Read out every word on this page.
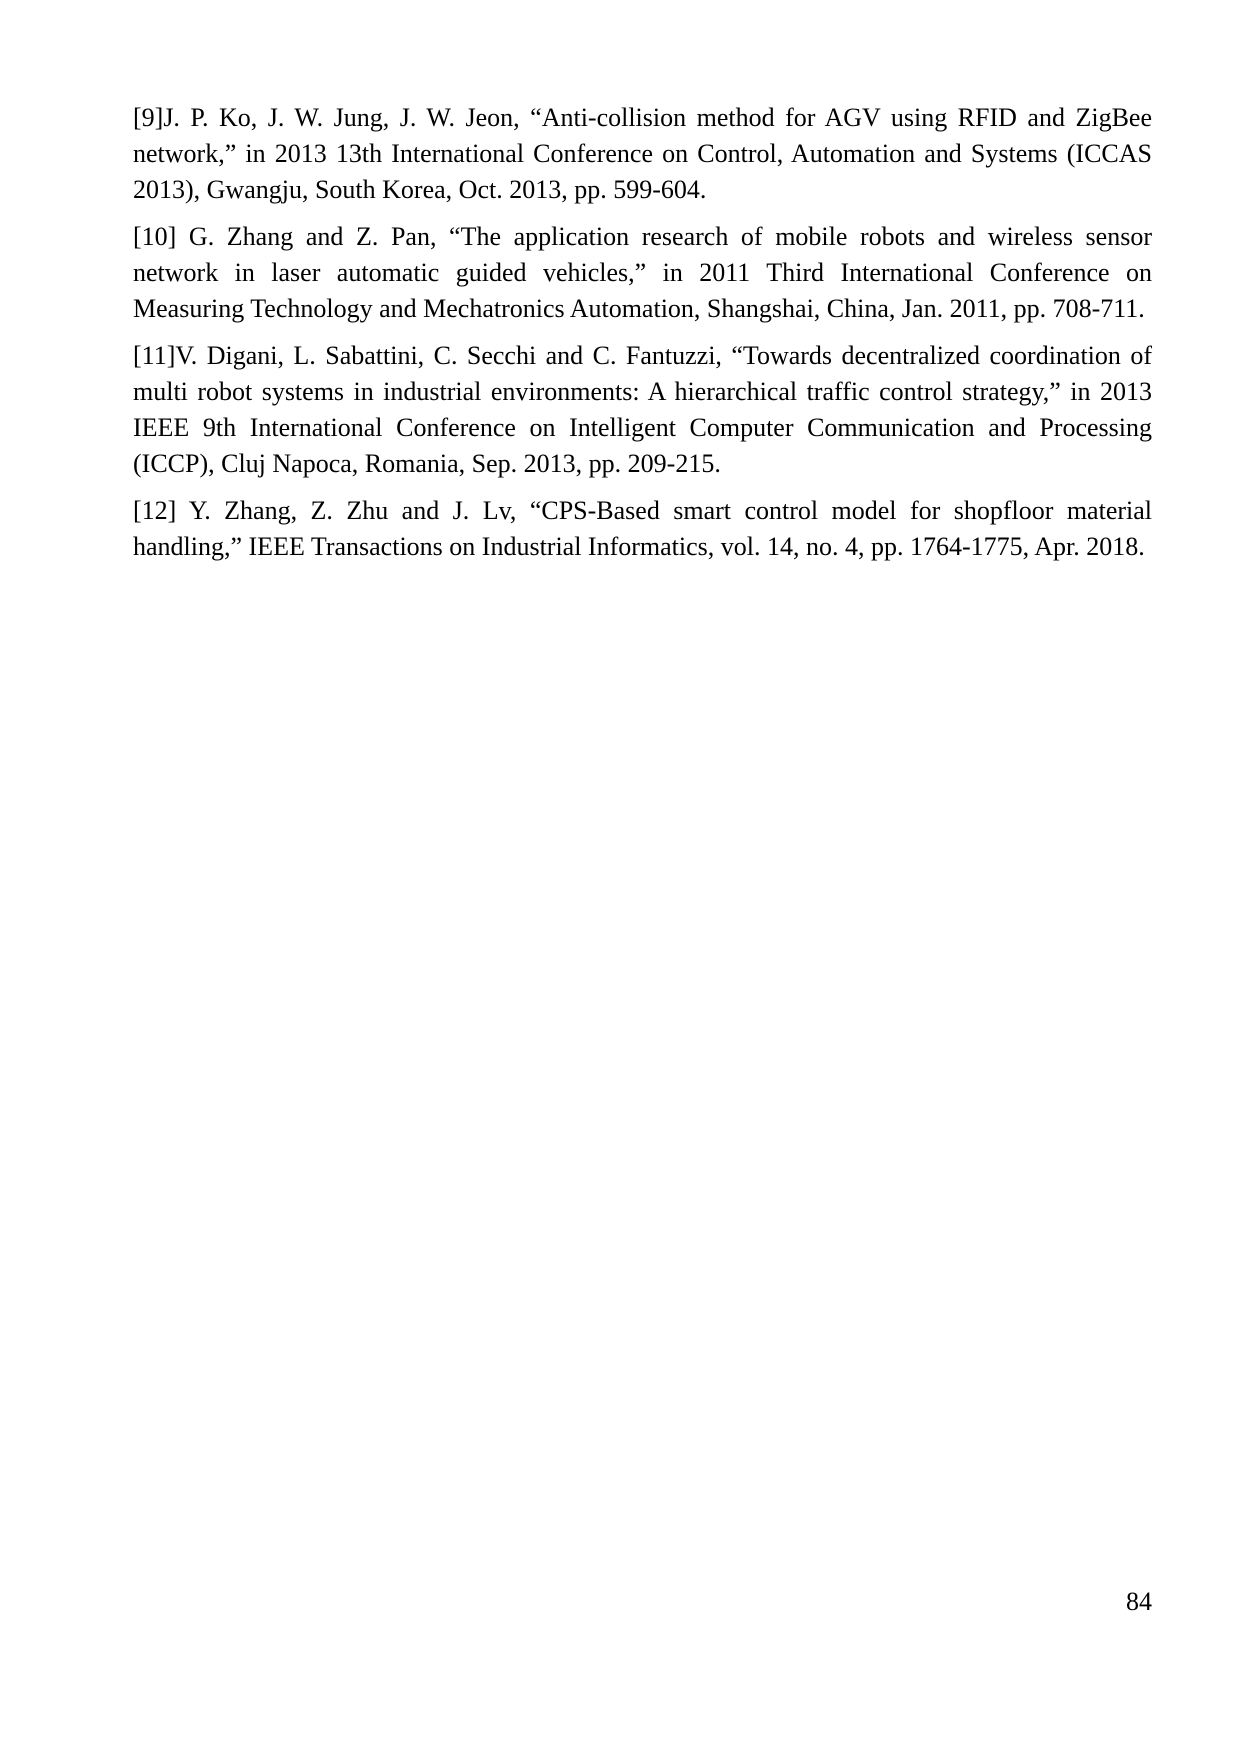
[9]J. P. Ko, J. W. Jung, J. W. Jeon, “Anti-collision method for AGV using RFID and ZigBee network,” in 2013 13th International Conference on Control, Automation and Systems (ICCAS 2013), Gwangju, South Korea, Oct. 2013, pp. 599-604.

[10] G. Zhang and Z. Pan, “The application research of mobile robots and wireless sensor network in laser automatic guided vehicles,” in 2011 Third International Conference on Measuring Technology and Mechatronics Automation, Shangshai, China, Jan. 2011, pp. 708-711.

[11]V. Digani, L. Sabattini, C. Secchi and C. Fantuzzi, “Towards decentralized coordination of multi robot systems in industrial environments: A hierarchical traffic control strategy,” in 2013 IEEE 9th International Conference on Intelligent Computer Communication and Processing (ICCP), Cluj Napoca, Romania, Sep. 2013, pp. 209-215.

[12] Y. Zhang, Z. Zhu and J. Lv, “CPS-Based smart control model for shopfloor material handling,” IEEE Transactions on Industrial Informatics, vol. 14, no. 4, pp. 1764-1775, Apr. 2018.

84
